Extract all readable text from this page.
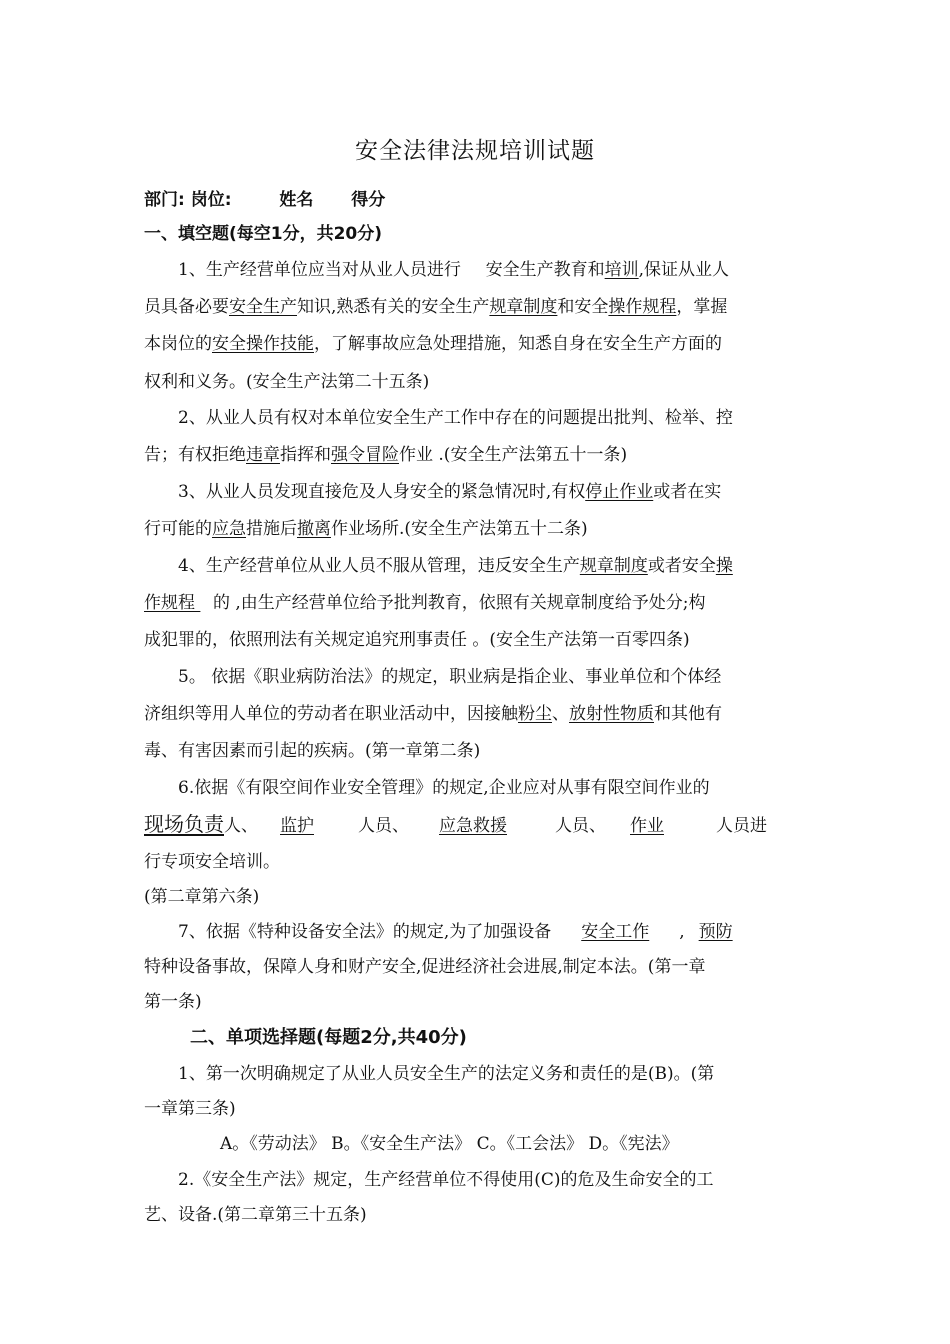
安全法律法规培训试题
部门: 岗位:	姓名 得分
一、填空题(每空1分，共20分)
1、生产经营单位应当对从业人员进行 安全生产教育和培训,保证从业人
员具备必要安全生产知识,熟悉有关的安全生产规章制度和安全操作规程，掌握
本岗位的安全操作技能，了解事故应急处理措施，知悉自身在安全生产方面的
权利和义务。(安全生产法第二十五条)
2、从业人员有权对本单位安全生产工作中存在的问题提出批判、检举、控
告；有权拒绝违章指挥和强令冒险作业 .(安全生产法第五十一条)
3、从业人员发现直接危及人身安全的紧急情况时,有权停止作业或者在实
行可能的应急措施后撤离作业场所.(安全生产法第五十二条)
4、生产经营单位从业人员不服从管理，违反安全生产规章制度或者安全操
作规程 的 ,由生产经营单位给予批判教育，依照有关规章制度给予处分;构
成犯罪的，依照刑法有关规定追究刑事责任 。(安全生产法第一百零四条)
5。 依据《职业病防治法》的规定，职业病是指企业、事业单位和个体经
济组织等用人单位的劳动者在职业活动中，因接触粉尘、放射性物质和其他有
毒、有害因素而引起的疾病。(第一章第二条)
6.依据《有限空间作业安全管理》的规定,企业应对从事有限空间作业的
现场负责人、 监护	人员、 应急救援	人员、 作业	人员进
行专项安全培训。
(第二章第六条)
7、依据《特种设备安全法》的规定,为了加强设备 安全工作 , 预防
特种设备事故，保障人身和财产安全,促进经济社会进展,制定本法。(第一章
第一条)
二、单项选择题(每题2分,共40分)
1、第一次明确规定了从业人员安全生产的法定义务和责任的是(B)。(第
一章第三条)
A。《劳动法》 B。《安全生产法》 C。《工会法》 D。《宪法》
2.《安全生产法》规定，生产经营单位不得使用(C)的危及生命安全的工
艺、设备.(第二章第三十五条)
